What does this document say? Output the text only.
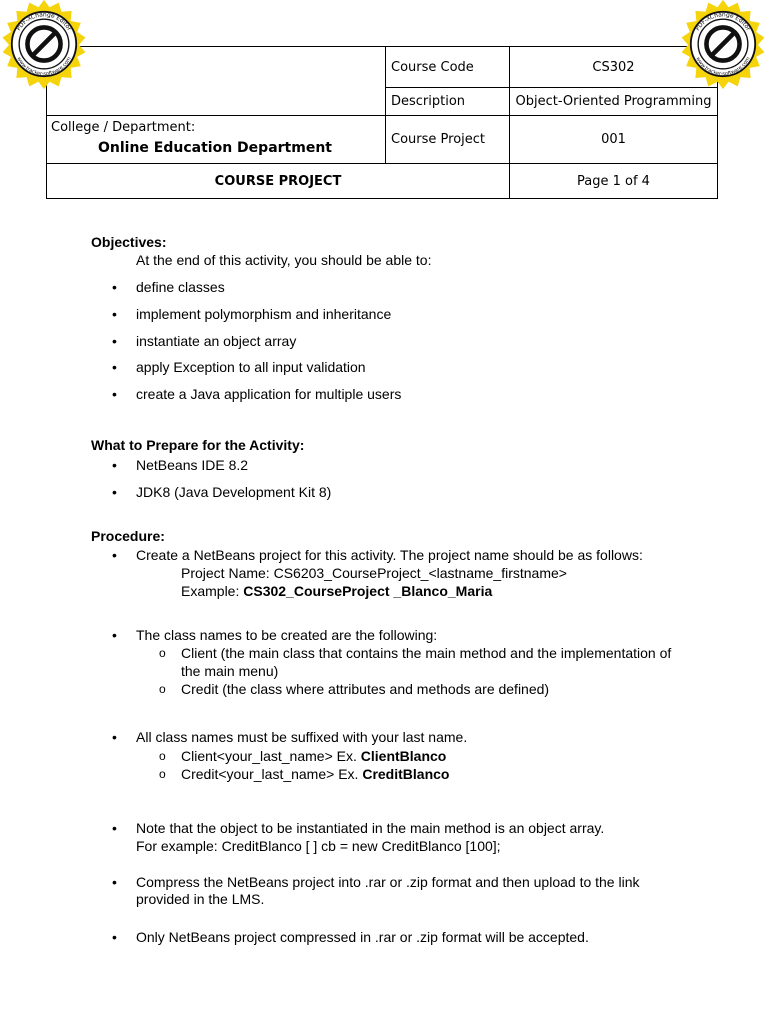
	Course Code	CS302
	Description	Object-Oriented Programming

College / Department:
Online Education Department	Course Project	001
COURSE PROJECT		Page 1 of 4
PDF-XChange Editor
www.tracker-software.com
PDF-XChange Editor
www.tracker-software.com
Objectives:
At the end of this activity, you should be able to:
• define classes
• implement polymorphism and inheritance
• instantiate an object array
• apply Exception to all input validation
• create a Java application for multiple users
What to Prepare for the Activity:
• NetBeans IDE 8.2
• JDK8 (Java Development Kit 8)
Procedure:
• Create a NetBeans project for this activity. The project name should be as follows:
Project Name: CS6203_CourseProject_<lastname_firstname>
Example: CS302_CourseProject _Blanco_Maria
• The class names to be created are the following:
o Client (the main class that contains the main method and the implementation of
the main menu)
o Credit (the class where attributes and methods are defined)
• All class names must be suffixed with your last name.
o Client<your_last_name> Ex. ClientBlanco
o Credit<your_last_name> Ex. CreditBlanco
• Note that the object to be instantiated in the main method is an object array.
For example: CreditBlanco [ ] cb = new CreditBlanco [100];
• Compress the NetBeans project into .rar or .zip format and then upload to the link
provided in the LMS.
• Only NetBeans project compressed in .rar or .zip format will be accepted.
